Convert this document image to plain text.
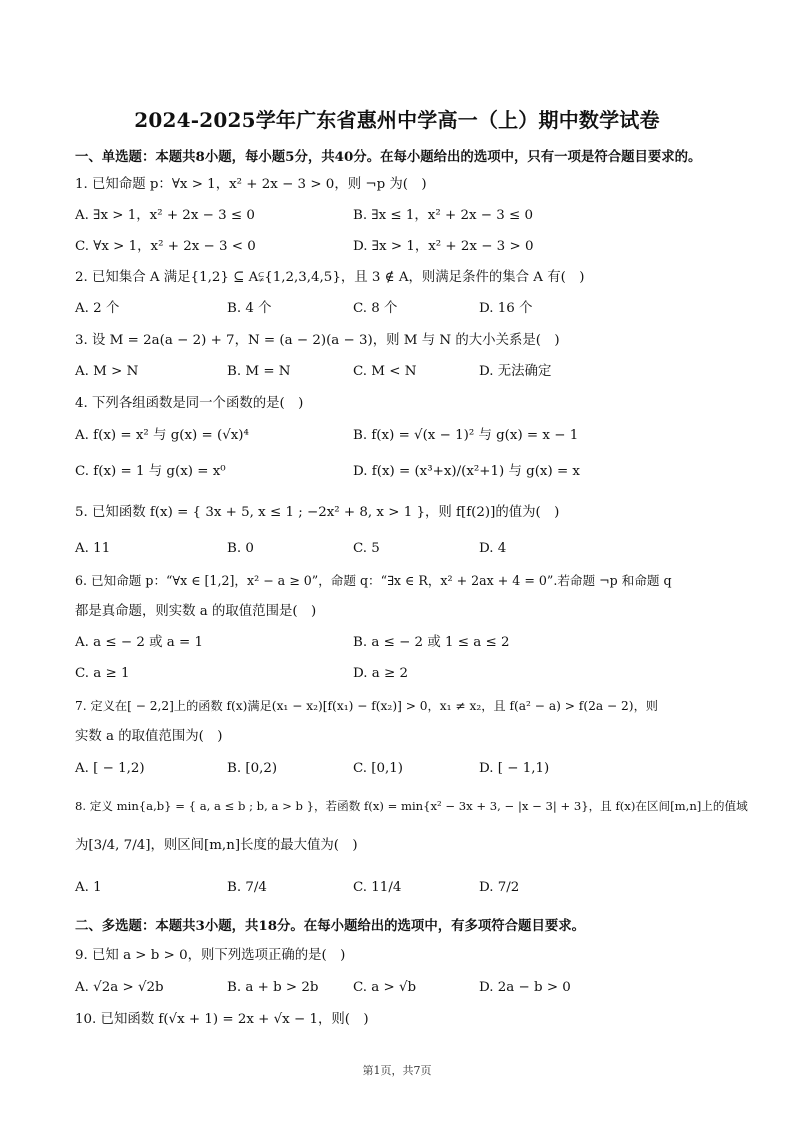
2024-2025学年广东省惠州中学高一（上）期中数学试卷
一、单选题：本题共8小题，每小题5分，共40分。在每小题给出的选项中，只有一项是符合题目要求的。
1. 已知命题 p：∀x > 1，x² + 2x − 3 > 0，则 ¬p 为(　)
A. ∃x > 1，x² + 2x − 3 ≤ 0	B. ∃x ≤ 1，x² + 2x − 3 ≤ 0
C. ∀x > 1，x² + 2x − 3 < 0	D. ∃x > 1，x² + 2x − 3 > 0
2. 已知集合 A 满足{1,2} ⊆ A⫋{1,2,3,4,5}，且 3 ∉ A，则满足条件的集合 A 有(　)
A. 2 个	B. 4 个	C. 8 个	D. 16 个
3. 设 M = 2a(a − 2) + 7，N = (a − 2)(a − 3)，则 M 与 N 的大小关系是(　)
A. M > N	B. M = N	C. M < N	D. 无法确定
4. 下列各组函数是同一个函数的是(　)
A. f(x) = x² 与 g(x) = (√x)⁴	B. f(x) = √(x − 1)² 与 g(x) = x − 1
C. f(x) = 1 与 g(x) = x⁰	D. f(x) = (x³+x)/(x²+1) 与 g(x) = x
5. 已知函数 f(x) = { 3x + 5, x ≤ 1 ; −2x² + 8, x > 1 }，则 f[f(2)]的值为(　)
A. 11	B. 0	C. 5	D. 4
6. 已知命题 p：“∀x ∈ [1,2]，x² − a ≥ 0”，命题 q：“∃x ∈ R，x² + 2ax + 4 = 0”.若命题 ¬p 和命题 q
都是真命题，则实数 a 的取值范围是(　)
A. a ≤ − 2 或 a = 1	B. a ≤ − 2 或 1 ≤ a ≤ 2
C. a ≥ 1	D. a ≥ 2
7. 定义在[ − 2,2]上的函数 f(x)满足(x₁ − x₂)[f(x₁) − f(x₂)] > 0，x₁ ≠ x₂，且 f(a² − a) > f(2a − 2)，则
实数 a 的取值范围为(　)
A. [ − 1,2)	B. [0,2)	C. [0,1)	D. [ − 1,1)
8. 定义 min{a,b} = { a, a ≤ b ; b, a > b }，若函数 f(x) = min{x² − 3x + 3, − |x − 3| + 3}，且 f(x)在区间[m,n]上的值域
为[3/4, 7/4]，则区间[m,n]长度的最大值为(　)
A. 1	B. 7/4	C. 11/4	D. 7/2
二、多选题：本题共3小题，共18分。在每小题给出的选项中，有多项符合题目要求。
9. 已知 a > b > 0，则下列选项正确的是(　)
A. √2a > √2b	B. a + b > 2b	C. a > √b	D. 2a − b > 0
10. 已知函数 f(√x + 1) = 2x + √x − 1，则(　)
第1页，共7页
